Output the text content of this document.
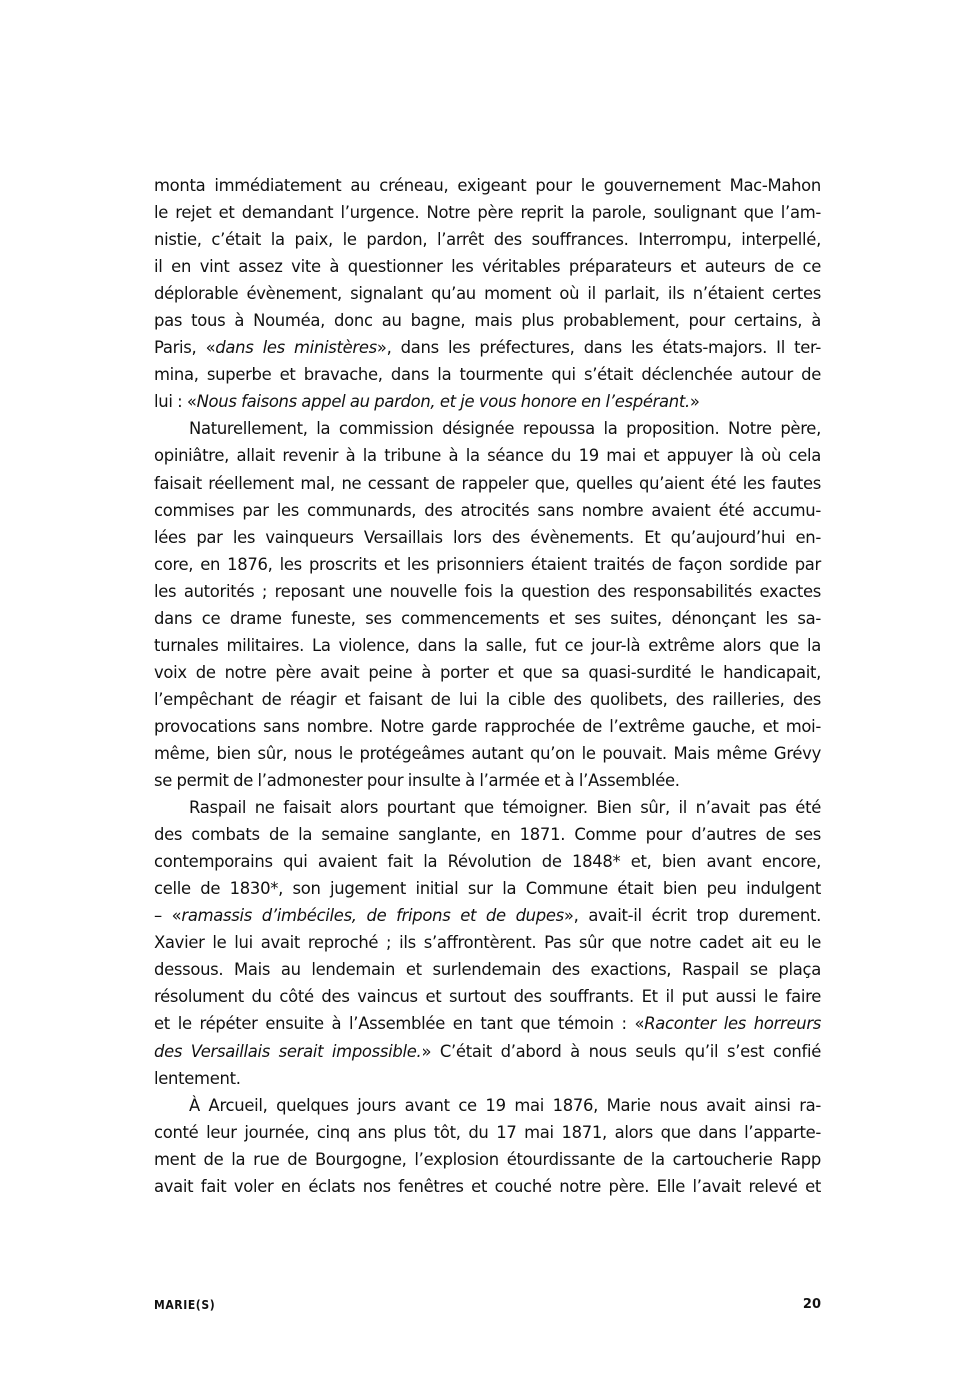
monta immédiatement au créneau, exigeant pour le gouvernement Mac-Mahon
le rejet et demandant l’urgence. Notre père reprit la parole, soulignant que l’am-
nistie, c’était la paix, le pardon, l’arrêt des souffrances. Interrompu, interpellé,
il en vint assez vite à questionner les véritables préparateurs et auteurs de ce
déplorable évènement, signalant qu’au moment où il parlait, ils n’étaient certes
pas tous à Nouméa, donc au bagne, mais plus probablement, pour certains, à
Paris, «dans les ministères», dans les préfectures, dans les états-majors. Il ter-
mina, superbe et bravache, dans la tourmente qui s’était déclenchée autour de
lui : «Nous faisons appel au pardon, et je vous honore en l’espérant.»
Naturellement, la commission désignée repoussa la proposition. Notre père,
opiniâtre, allait revenir à la tribune à la séance du 19 mai et appuyer là où cela
faisait réellement mal, ne cessant de rappeler que, quelles qu’aient été les fautes
commises par les communards, des atrocités sans nombre avaient été accumu-
lées par les vainqueurs Versaillais lors des évènements. Et qu’aujourd’hui en-
core, en 1876, les proscrits et les prisonniers étaient traités de façon sordide par
les autorités ; reposant une nouvelle fois la question des responsabilités exactes
dans ce drame funeste, ses commencements et ses suites, dénonçant les sa-
turnales militaires. La violence, dans la salle, fut ce jour-là extrême alors que la
voix de notre père avait peine à porter et que sa quasi-surdité le handicapait,
l’empêchant de réagir et faisant de lui la cible des quolibets, des railleries, des
provocations sans nombre. Notre garde rapprochée de l’extrême gauche, et moi-
même, bien sûr, nous le protégeâmes autant qu’on le pouvait. Mais même Grévy
se permit de l’admonester pour insulte à l’armée et à l’Assemblée.
Raspail ne faisait alors pourtant que témoigner. Bien sûr, il n’avait pas été
des combats de la semaine sanglante, en 1871. Comme pour d’autres de ses
contemporains qui avaient fait la Révolution de 1848* et, bien avant encore,
celle de 1830*, son jugement initial sur la Commune était bien peu indulgent
– «ramassis d’imbéciles, de fripons et de dupes», avait-il écrit trop durement.
Xavier le lui avait reproché ; ils s’affrontèrent. Pas sûr que notre cadet ait eu le
dessous. Mais au lendemain et surlendemain des exactions, Raspail se plaça
résolument du côté des vaincus et surtout des souffrants. Et il put aussi le faire
et le répéter ensuite à l’Assemblée en tant que témoin : «Raconter les horreurs
des Versaillais serait impossible.» C’était d’abord à nous seuls qu’il s’est confié
lentement.
À Arcueil, quelques jours avant ce 19 mai 1876, Marie nous avait ainsi ra-
conté leur journée, cinq ans plus tôt, du 17 mai 1871, alors que dans l’apparte-
ment de la rue de Bourgogne, l’explosion étourdissante de la cartoucherie Rapp
avait fait voler en éclats nos fenêtres et couché notre père. Elle l’avait relevé et
MARIE(S)	20
